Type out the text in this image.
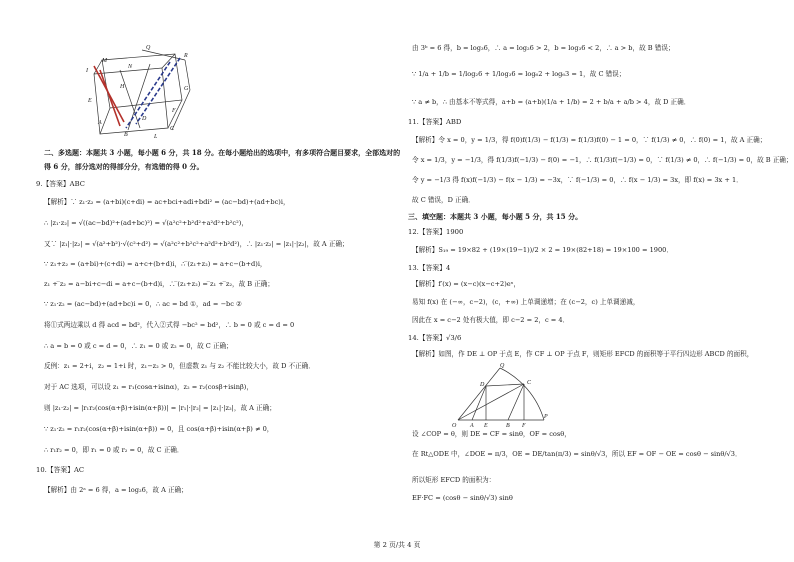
Q
R
M
N
I
G
H
E
F
A
D
B	L
C
二、多选题：本题共 3 小题，每小题 6 分，共 18 分。在每小题给出的选项中，有多项符合题目要求，全部选对的
得 6 分，部分选对的得部分分，有选错的得 0 分。
9.【答案】ABC
【解析】∵ z₁·z₂ = (a+bi)(c+di) = ac+bci+adi+bdi² = (ac−bd)+(ad+bc)i，
∴ |z₁·z₂| = √((ac−bd)²+(ad+bc)²) = √(a²c²+b²d²+a²d²+b²c²)，
又∵ |z₁|·|z₂| = √(a²+b²)·√(c²+d²) = √(a²c²+b²c²+a²d²+b²d²)，∴ |z₁·z₂| = |z₁|·|z₂|，故 A 正确；
∵ z₁+z₂ = (a+bi)+(c+di) = a+c+(b+d)i，∴ ̅(z₁+z₂) = a+c−(b+d)i，
̅z₁ + ̅z₂ = a−bi+c−di = a+c−(b+d)i，∴ ̅(z₁+z₂) = ̅z₁ + ̅z₂，故 B 正确；
∵ z₁·z₂ = (ac−bd)+(ad+bc)i = 0，∴ ac = bd ①，ad = −bc ②
将①式两边乘以 d 得 acd = bd²，代入②式得 −bc² = bd²，∴ b = 0 或 c = d = 0
∴ a = b = 0 或 c = d = 0，∴ z₁ = 0 或 z₂ = 0，故 C 正确；
反例：z₁ = 2+i，z₂ = 1+i 时，z₁−z₂ > 0，但虚数 z₁ 与 z₂ 不能比较大小，故 D 不正确．
对于 AC 选项，可以设 z₁ = r₁(cosα+isinα)，z₂ = r₂(cosβ+isinβ)，
则 |z₁·z₂| = |r₁r₂(cos(α+β)+isin(α+β))| = |r₁|·|r₂| = |z₁|·|z₂|，故 A 正确；
∵ z₁·z₂ = r₁r₂(cos(α+β)+isin(α+β)) = 0，且 cos(α+β)+isin(α+β) ≠ 0，
∴ r₁r₂ = 0，即 r₁ = 0 或 r₂ = 0，故 C 正确．
10.【答案】AC
【解析】由 2ᵃ = 6 得，a = log₂6，故 A 正确；
由 3ᵇ = 6 得，b = log₃6，∴ a = log₂6 > 2，b = log₃6 < 2，∴ a > b，故 B 错误；
∵ 1/a + 1/b = 1/log₂6 + 1/log₃6 = log₆2 + log₆3 = 1，故 C 错误；
∵ a ≠ b，∴ 由基本不等式得，a+b = (a+b)(1/a + 1/b) = 2 + b/a + a/b > 4，故 D 正确．
11.【答案】ABD
【解析】令 x = 0，y = 1/3，得 f(0)f(1/3) − f(1/3) = f(1/3)f(0) − 1 = 0，∵ f(1/3) ≠ 0，∴ f(0) = 1，故 A 正确；
令 x = 1/3，y = −1/3，得 f(1/3)f(−1/3) − f(0) = −1，∴ f(1/3)f(−1/3) = 0，∵ f(1/3) ≠ 0，∴ f(−1/3) = 0，故 B 正确；
令 y = −1/3 得 f(x)f(−1/3) − f(x − 1/3) = −3x，∵ f(−1/3) = 0，∴ f(x − 1/3) = 3x，即 f(x) = 3x + 1．
故 C 错误，D 正确．
三、填空题：本题共 3 小题，每小题 5 分，共 15 分。
12.【答案】1900
【解析】S₁₉ = 19×82 + (19×(19−1))/2 × 2 = 19×(82+18) = 19×100 = 1900．
13.【答案】4
【解析】f′(x) = (x−c)(x−c+2)eˣ，
易知 f(x) 在 (−∞，c−2)，(c，+∞) 上单调递增；在 (c−2，c) 上单调递减，
因此在 x = c−2 处有极大值，即 c−2 = 2，c = 4．
14.【答案】√3/6
【解析】如图，作 DE ⊥ OP 于点 E，作 CF ⊥ OP 于点 F，则矩形 EFCD 的面积等于平行四边形 ABCD 的面积，
设 ∠COP = θ，则 DE = CF = sinθ，OF = cosθ，
在 Rt△ODE 中，∠DOE = π/3，OE = DE/tan(π/3) = sinθ/√3，所以 EF = OF − OE = cosθ − sinθ/√3．
所以矩形 EFCD 的面积为：
EF·FC = (cosθ − sinθ/√3) sinθ
Q
D	C
O A E	B F
P
第 2 页/共 4 页
